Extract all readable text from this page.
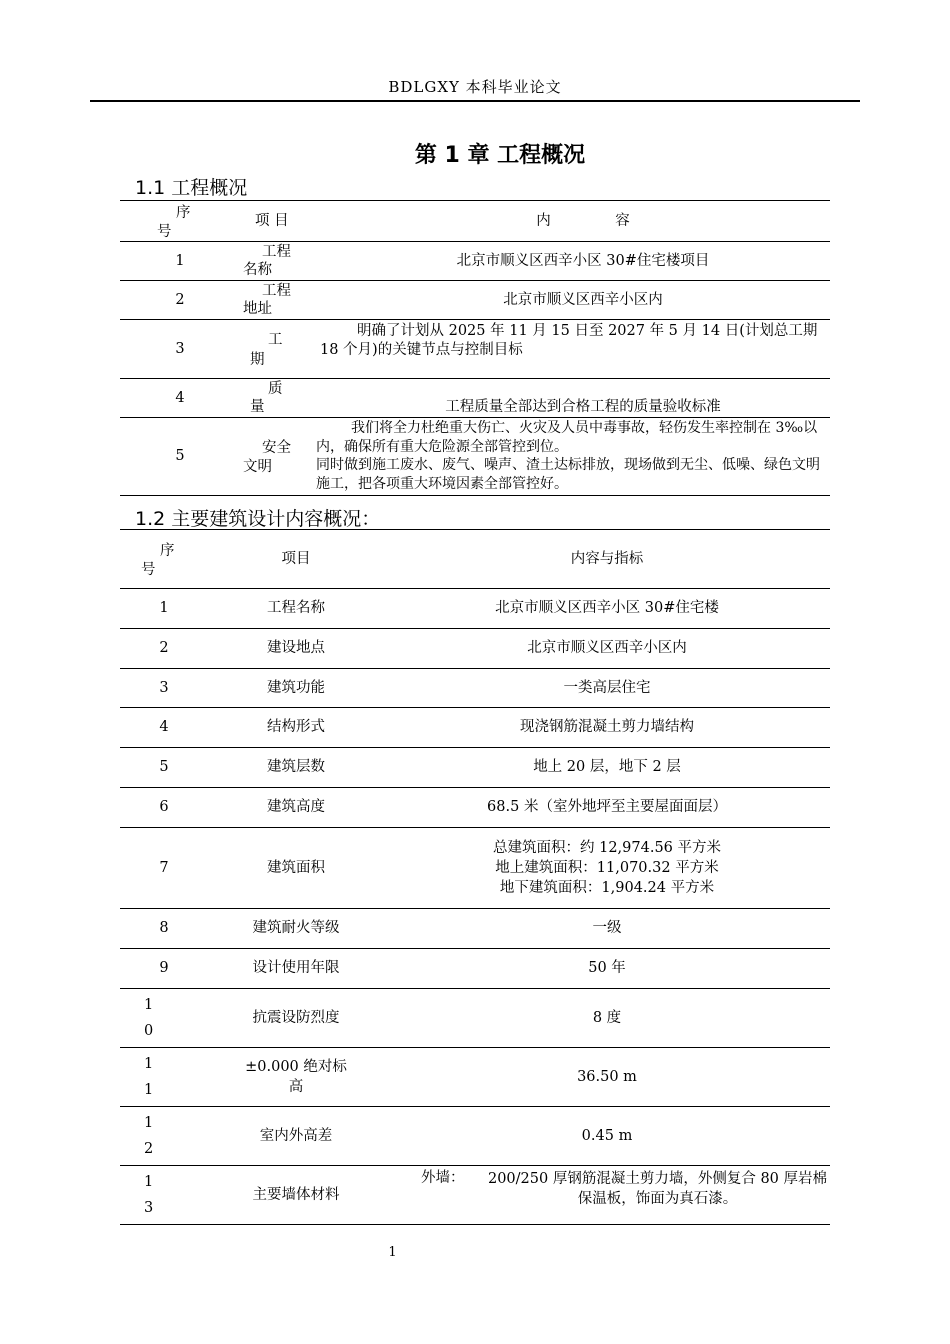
BDLGXY 本科毕业论文
第 1 章 工程概况
1.1 工程概况
序
号	项 目	内              容
1	工程
名称	北京市顺义区西辛小区 30#住宅楼项目
2	工程
地址	北京市顺义区西辛小区内
3	工
期	明确了计划从 2025 年 11 月 15 日至 2027 年 5 月 14 日(计划总工期 18 个月)的关键节点与控制目标

4	质
量	工程质量全部达到合格工程的质量验收标准
5	安全
文明	我们将全力杜绝重大伤亡、火灾及人员中毒事故，轻伤发生率控制在 3‰以内，确保所有重大危险源全部管控到位。
同时做到施工废水、废气、噪声、渣土达标排放，现场做到无尘、低噪、绿色文明施工，把各项重大环境因素全部管控好。
1.2 主要建筑设计内容概况：
序
号	项目	内容与指标
1	工程名称	北京市顺义区西辛小区 30#住宅楼
2	建设地点	北京市顺义区西辛小区内
3	建筑功能	一类高层住宅
4	结构形式	现浇钢筋混凝土剪力墙结构
5	建筑层数	地上 20 层，地下 2 层
6	建筑高度	68.5 米（室外地坪至主要屋面面层）
7	建筑面积	总建筑面积：约 12,974.56 平方米
地上建筑面积：11,070.32 平方米
地下建筑面积：1,904.24 平方米
8	建筑耐火等级	一级
9	设计使用年限	50 年
1
0	抗震设防烈度	8 度
1
1	±0.000 绝对标
高	36.50 m
1
2	室内外高差	0.45 m
1
3	主要墙体材料	外墙： 200/250 厚钢筋混凝土剪力墙，外侧复合 80 厚岩棉保温板，饰面为真石漆。
1
